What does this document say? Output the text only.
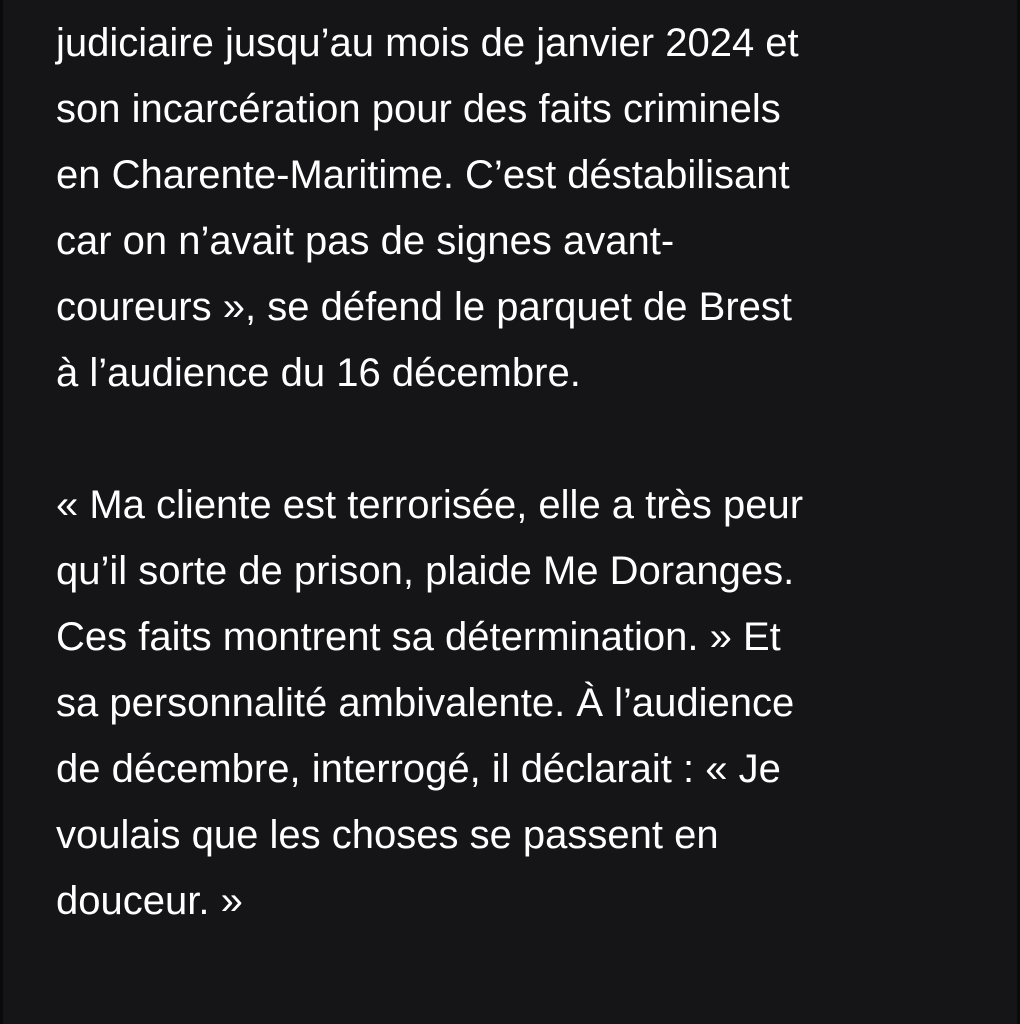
judiciaire jusqu’au mois de janvier 2024 et
son incarcération pour des faits criminels
en Charente-Maritime. C’est déstabilisant
car on n’avait pas de signes avant-
coureurs », se défend le parquet de Brest
à l’audience du 16 décembre.

« Ma cliente est terrorisée, elle a très peur
qu’il sorte de prison, plaide Me Doranges.
Ces faits montrent sa détermination. » Et
sa personnalité ambivalente. À l’audience
de décembre, interrogé, il déclarait : « Je
voulais que les choses se passent en
douceur. »
